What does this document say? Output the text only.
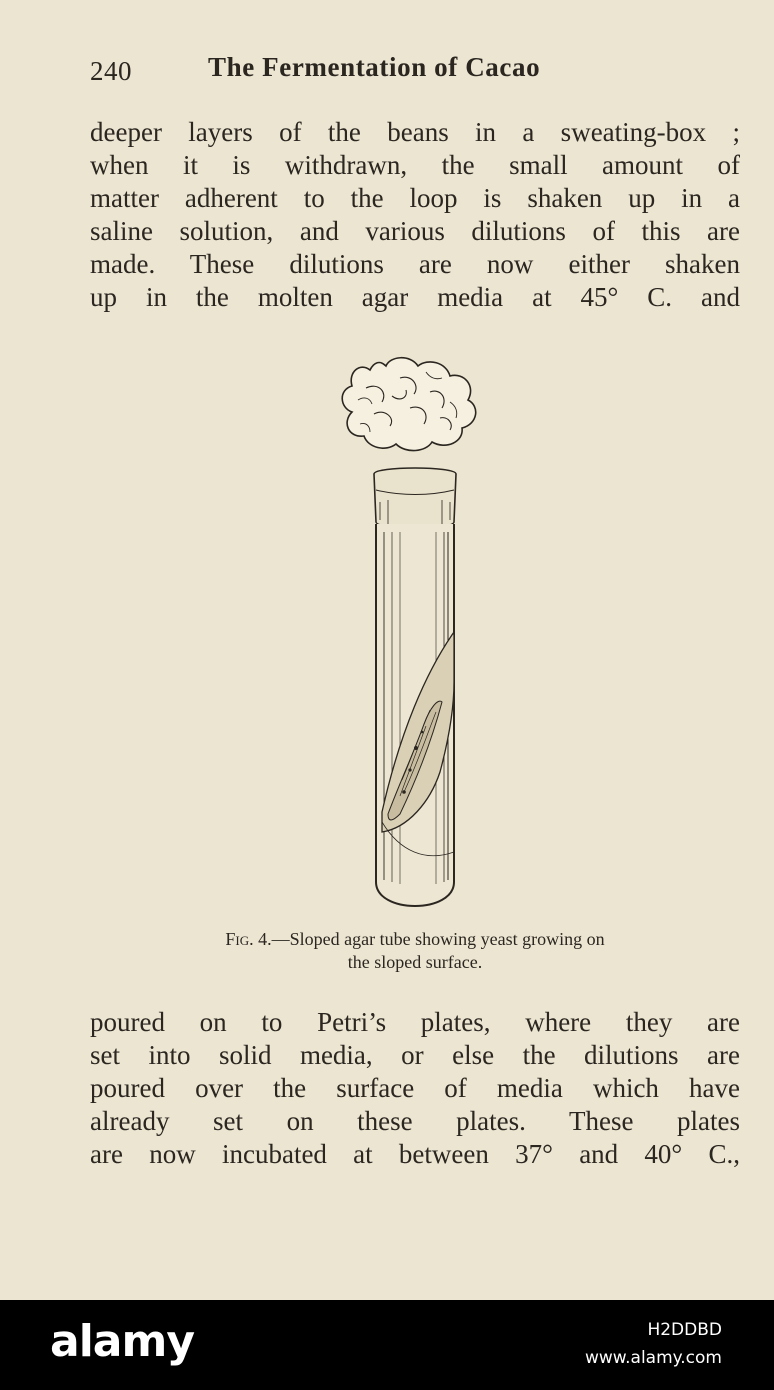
240	The Fermentation of Cacao
deeper layers of the beans in a sweating-box ;
when it is withdrawn, the small amount of
matter adherent to the loop is shaken up in a
saline solution, and various dilutions of this are
made. These dilutions are now either shaken
up in the molten agar media at 45° C. and
Fig. 4.—Sloped agar tube showing yeast growing on
the sloped surface.
poured on to Petri’s plates, where they are
set into solid media, or else the dilutions are
poured over the surface of media which have
already set on these plates. These plates
are now incubated at between 37° and 40° C.,
alamy	H2DDBD
www.alamy.com
